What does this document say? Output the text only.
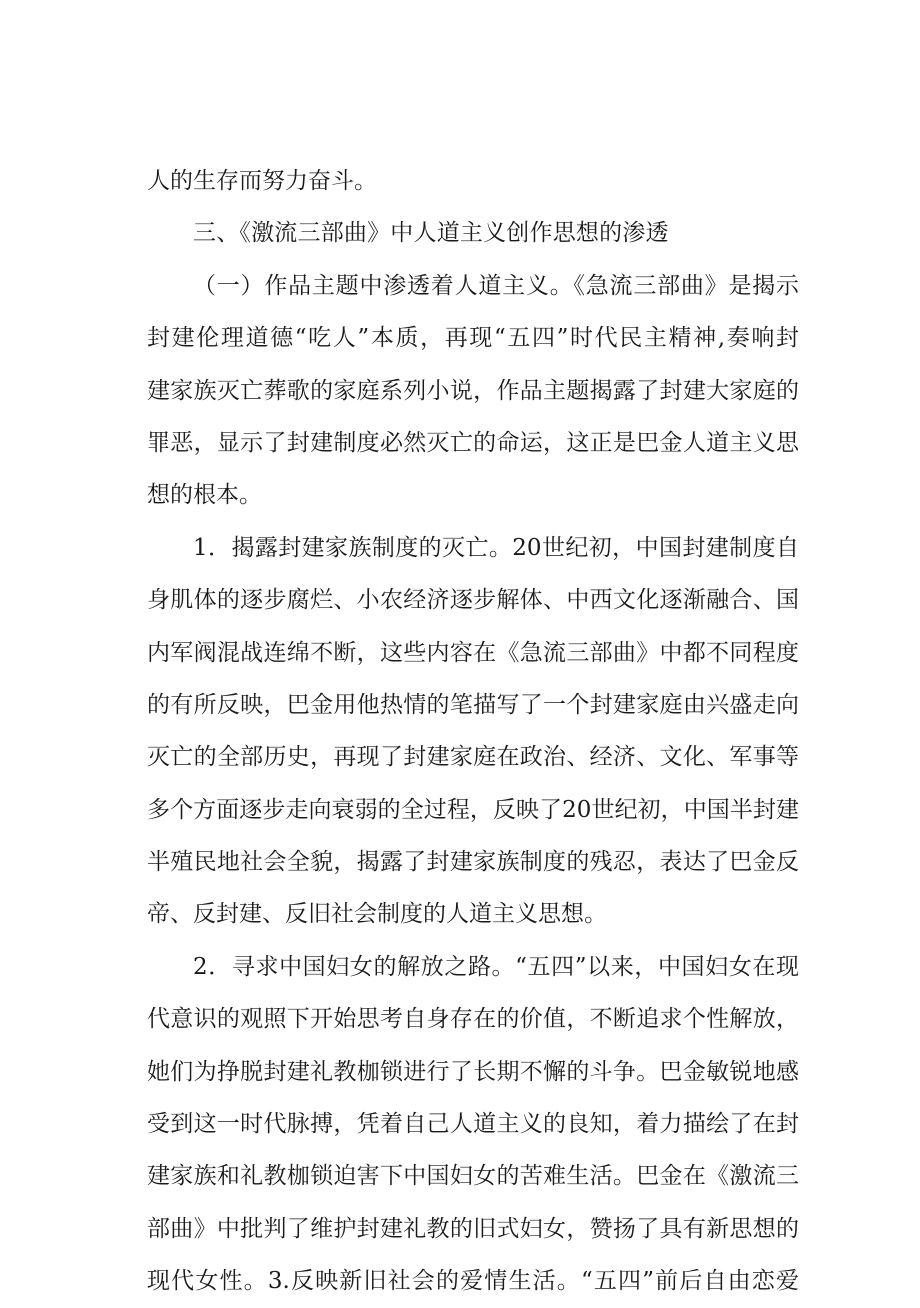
人的生存而努力奋斗。
三、《激流三部曲》中人道主义创作思想的渗透
（一）作品主题中渗透着人道主义。《急流三部曲》是揭示
封建伦理道德“吃人”本质，再现“五四”时代民主精神,奏响封
建家族灭亡葬歌的家庭系列小说，作品主题揭露了封建大家庭的
罪恶，显示了封建制度必然灭亡的命运，这正是巴金人道主义思
想的根本。
1．揭露封建家族制度的灭亡。20世纪初，中国封建制度自
身肌体的逐步腐烂、小农经济逐步解体、中西文化逐渐融合、国
内军阀混战连绵不断，这些内容在《急流三部曲》中都不同程度
的有所反映，巴金用他热情的笔描写了一个封建家庭由兴盛走向
灭亡的全部历史，再现了封建家庭在政治、经济、文化、军事等
多个方面逐步走向衰弱的全过程，反映了20世纪初，中国半封建
半殖民地社会全貌，揭露了封建家族制度的残忍，表达了巴金反
帝、反封建、反旧社会制度的人道主义思想。
2．寻求中国妇女的解放之路。“五四”以来，中国妇女在现
代意识的观照下开始思考自身存在的价值，不断追求个性解放，
她们为挣脱封建礼教枷锁进行了长期不懈的斗争。巴金敏锐地感
受到这一时代脉搏，凭着自己人道主义的良知，着力描绘了在封
建家族和礼教枷锁迫害下中国妇女的苦难生活。巴金在《激流三
部曲》中批判了维护封建礼教的旧式妇女，赞扬了具有新思想的
现代女性。3.反映新旧社会的爱情生活。“五四”前后自由恋爱
